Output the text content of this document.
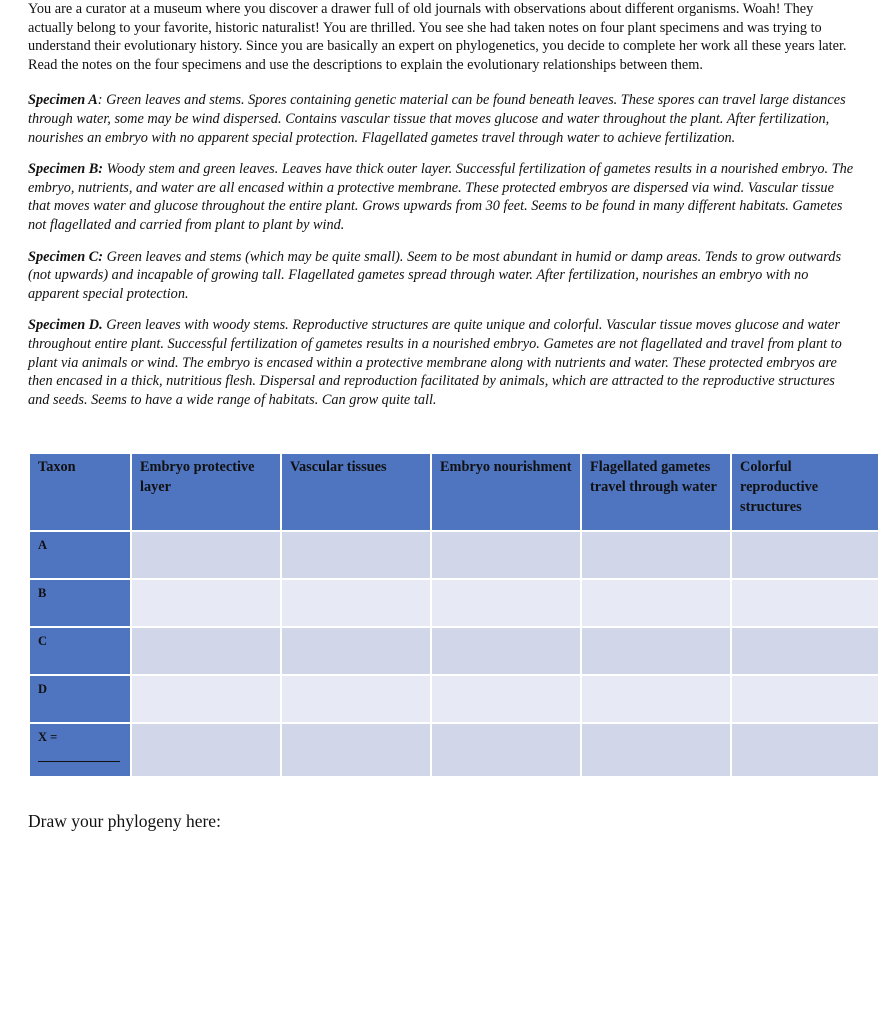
You are a curator at a museum where you discover a drawer full of old journals with observations about different organisms. Woah! They actually belong to your favorite, historic naturalist! You are thrilled. You see she had taken notes on four plant specimens and was trying to understand their evolutionary history. Since you are basically an expert on phylogenetics, you decide to complete her work all these years later. Read the notes on the four specimens and use the descriptions to explain the evolutionary relationships between them.

Specimen A: Green leaves and stems. Spores containing genetic material can be found beneath leaves. These spores can travel large distances through water, some may be wind dispersed. Contains vascular tissue that moves glucose and water throughout the plant. After fertilization, nourishes an embryo with no apparent special protection. Flagellated gametes travel through water to achieve fertilization.

Specimen B: Woody stem and green leaves. Leaves have thick outer layer. Successful fertilization of gametes results in a nourished embryo. The embryo, nutrients, and water are all encased within a protective membrane. These protected embryos are dispersed via wind. Vascular tissue that moves water and glucose throughout the entire plant. Grows upwards from 30 feet. Seems to be found in many different habitats. Gametes not flagellated and carried from plant to plant by wind.

Specimen C: Green leaves and stems (which may be quite small). Seem to be most abundant in humid or damp areas. Tends to grow outwards (not upwards) and incapable of growing tall. Flagellated gametes spread through water. After fertilization, nourishes an embryo with no apparent special protection.

Specimen D. Green leaves with woody stems. Reproductive structures are quite unique and colorful. Vascular tissue moves glucose and water throughout entire plant. Successful fertilization of gametes results in a nourished embryo. Gametes are not flagellated and travel from plant to plant via animals or wind. The embryo is encased within a protective membrane along with nutrients and water. These protected embryos are then encased in a thick, nutritious flesh. Dispersal and reproduction facilitated by animals, which are attracted to the reproductive structures and seeds. Seems to have a wide range of habitats. Can grow quite tall.

Taxon	Embryo protective layer	Vascular tissues	Embryo nourishment	Flagellated gametes travel through water	Colorful reproductive structures
A					
B					
C					
D					
X =

Draw your phylogeny here:
